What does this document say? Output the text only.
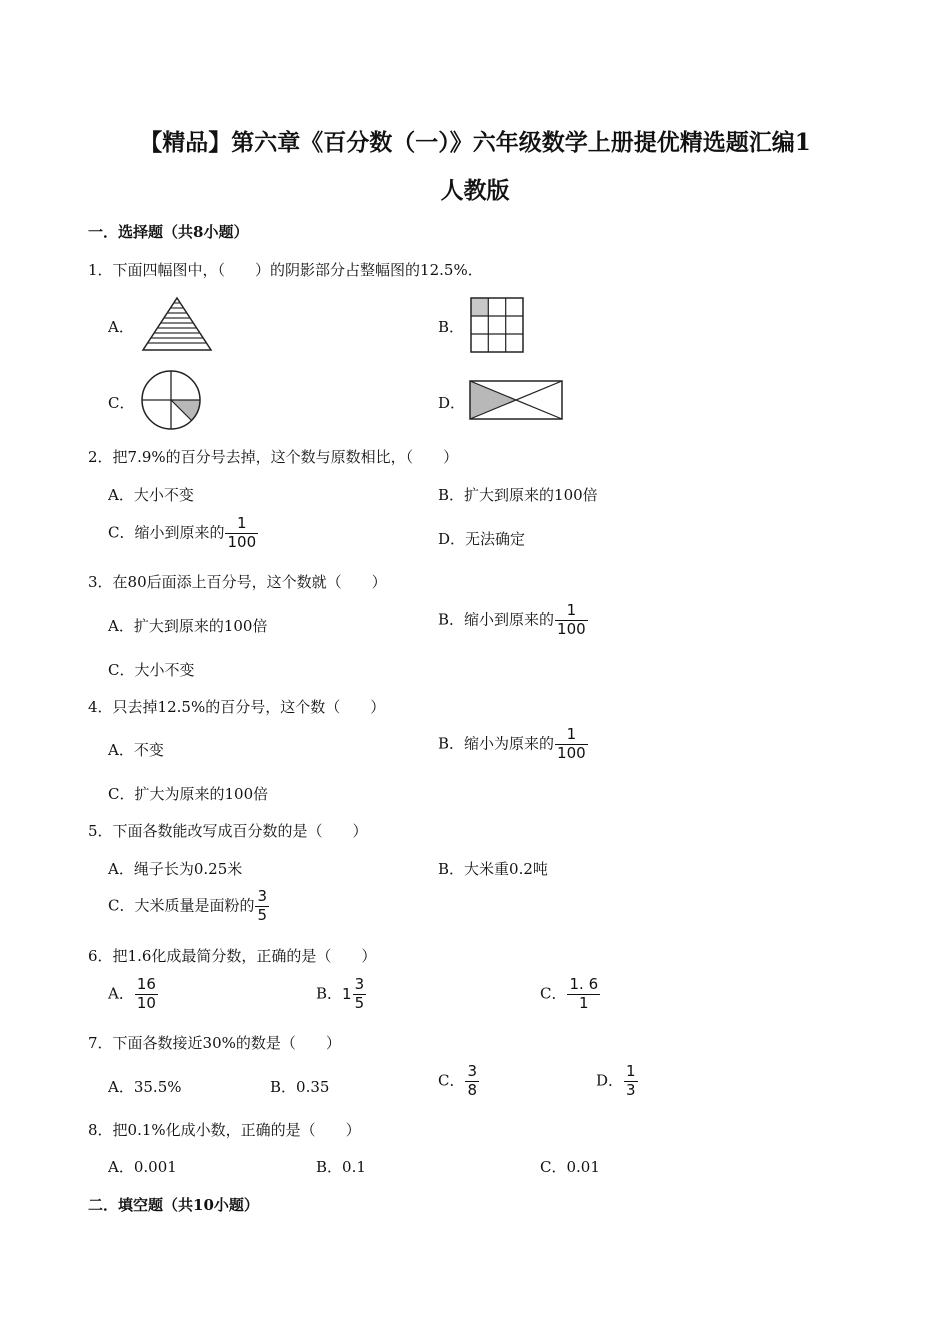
【精品】第六章《百分数（一）》六年级数学上册提优精选题汇编1
人教版
一．选择题（共8小题）
1．下面四幅图中，（　　）的阴影部分占整幅图的12.5%．
A．	B．
C．	D．
2．把7.9%的百分号去掉，这个数与原数相比，（　　）
A．大小不变	B．扩大到原来的100倍
C．缩小到原来的 $\frac{1}{100}$	D．无法确定
3．在80后面添上百分号，这个数就（　　）
A．扩大到原来的100倍	B．缩小到原来的 $\frac{1}{100}$
C．大小不变
4．只去掉12.5%的百分号，这个数（　　）
A．不变	B．缩小为原来的 $\frac{1}{100}$
C．扩大为原来的100倍
5．下面各数能改写成百分数的是（　　）
A．绳子长为0.25米	B．大米重0.2吨
C．大米质量是面粉的 $\frac{3}{5}$
6．把1.6化成最简分数，正确的是（　　）
A． $\frac{16}{10}$	B． $1 \frac{3}{5}$	C． $\frac{1. 6}{1}$
7．下面各数接近30%的数是（　　）
A．35.5%	B．0.35	C． $\frac{3}{8}$	D． $\frac{1}{3}$
8．把0.1%化成小数，正确的是（　　）
A．0.001	B．0.1	C．0.01
二．填空题（共10小题）
